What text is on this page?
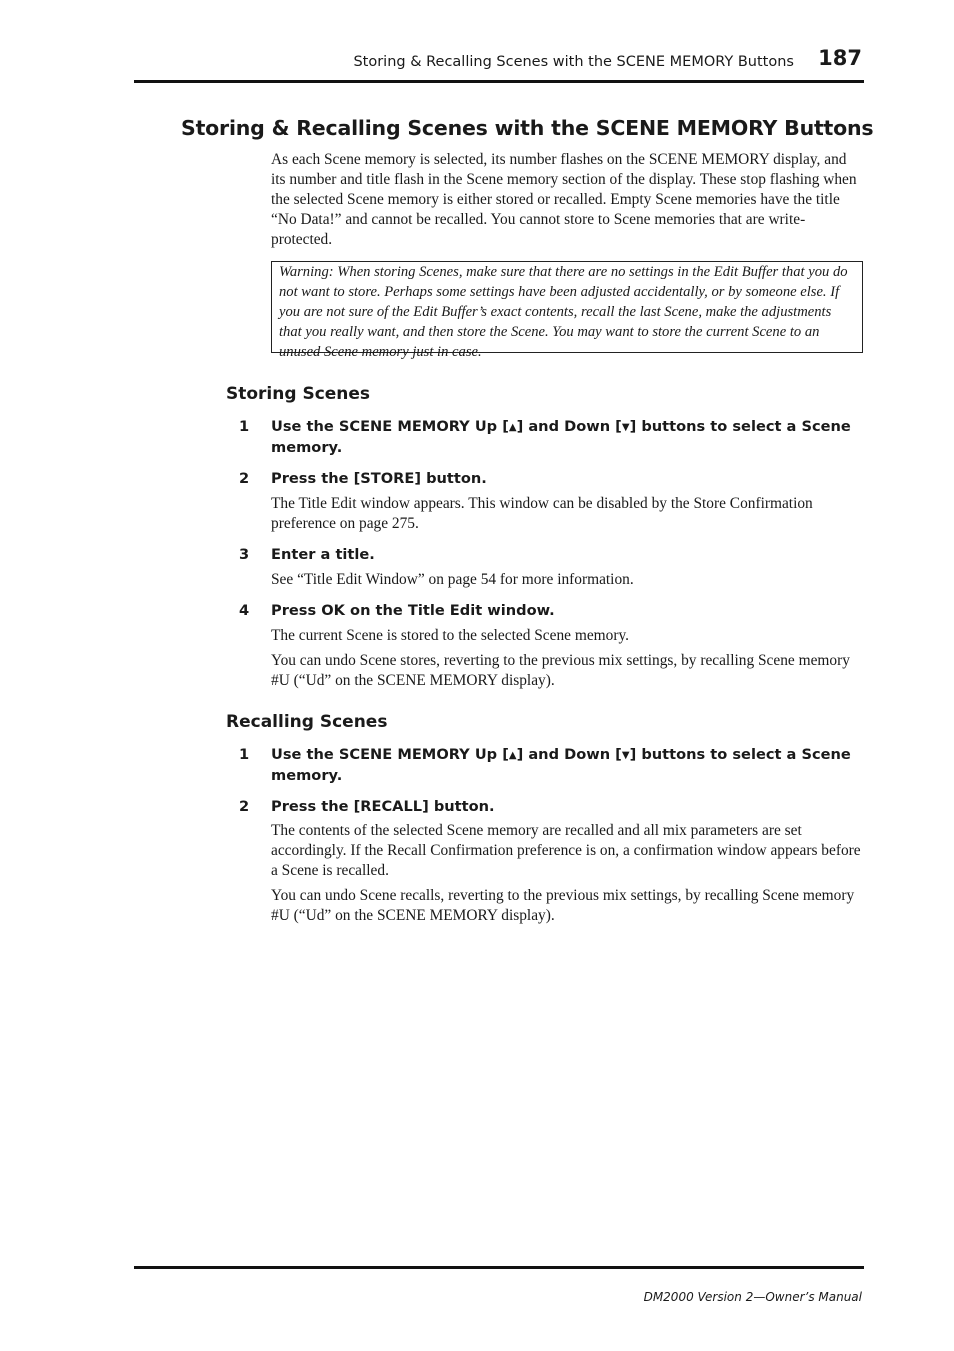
Storing & Recalling Scenes with the SCENE MEMORY Buttons 187
Storing & Recalling Scenes with the SCENE MEMORY Buttons

As each Scene memory is selected, its number flashes on the SCENE MEMORY display, and its number and title flash in the Scene memory section of the display. These stop flashing when the selected Scene memory is either stored or recalled. Empty Scene memories have the title “No Data!” and cannot be recalled. You cannot store to Scene memories that are write-protected.

Warning: When storing Scenes, make sure that there are no settings in the Edit Buffer that you do not want to store. Perhaps some settings have been adjusted accidentally, or by someone else. If you are not sure of the Edit Buffer’s exact contents, recall the last Scene, make the adjustments that you really want, and then store the Scene. You may want to store the current Scene to an unused Scene memory just in case.
Storing Scenes
1 Use the SCENE MEMORY Up [▲] and Down [▼] buttons to select a Scene memory.
2 Press the [STORE] button.

The Title Edit window appears. This window can be disabled by the Store Confirmation preference on page 275.

3 Enter a title.

See “Title Edit Window” on page 54 for more information.

4 Press OK on the Title Edit window.

The current Scene is stored to the selected Scene memory.

You can undo Scene stores, reverting to the previous mix settings, by recalling Scene memory #U (“Ud” on the SCENE MEMORY display).

Recalling Scenes
1 Use the SCENE MEMORY Up [▲] and Down [▼] buttons to select a Scene memory.
2 Press the [RECALL] button.

The contents of the selected Scene memory are recalled and all mix parameters are set accordingly. If the Recall Confirmation preference is on, a confirmation window appears before a Scene is recalled.

You can undo Scene recalls, reverting to the previous mix settings, by recalling Scene memory #U (“Ud” on the SCENE MEMORY display).

DM2000 Version 2—Owner’s Manual
